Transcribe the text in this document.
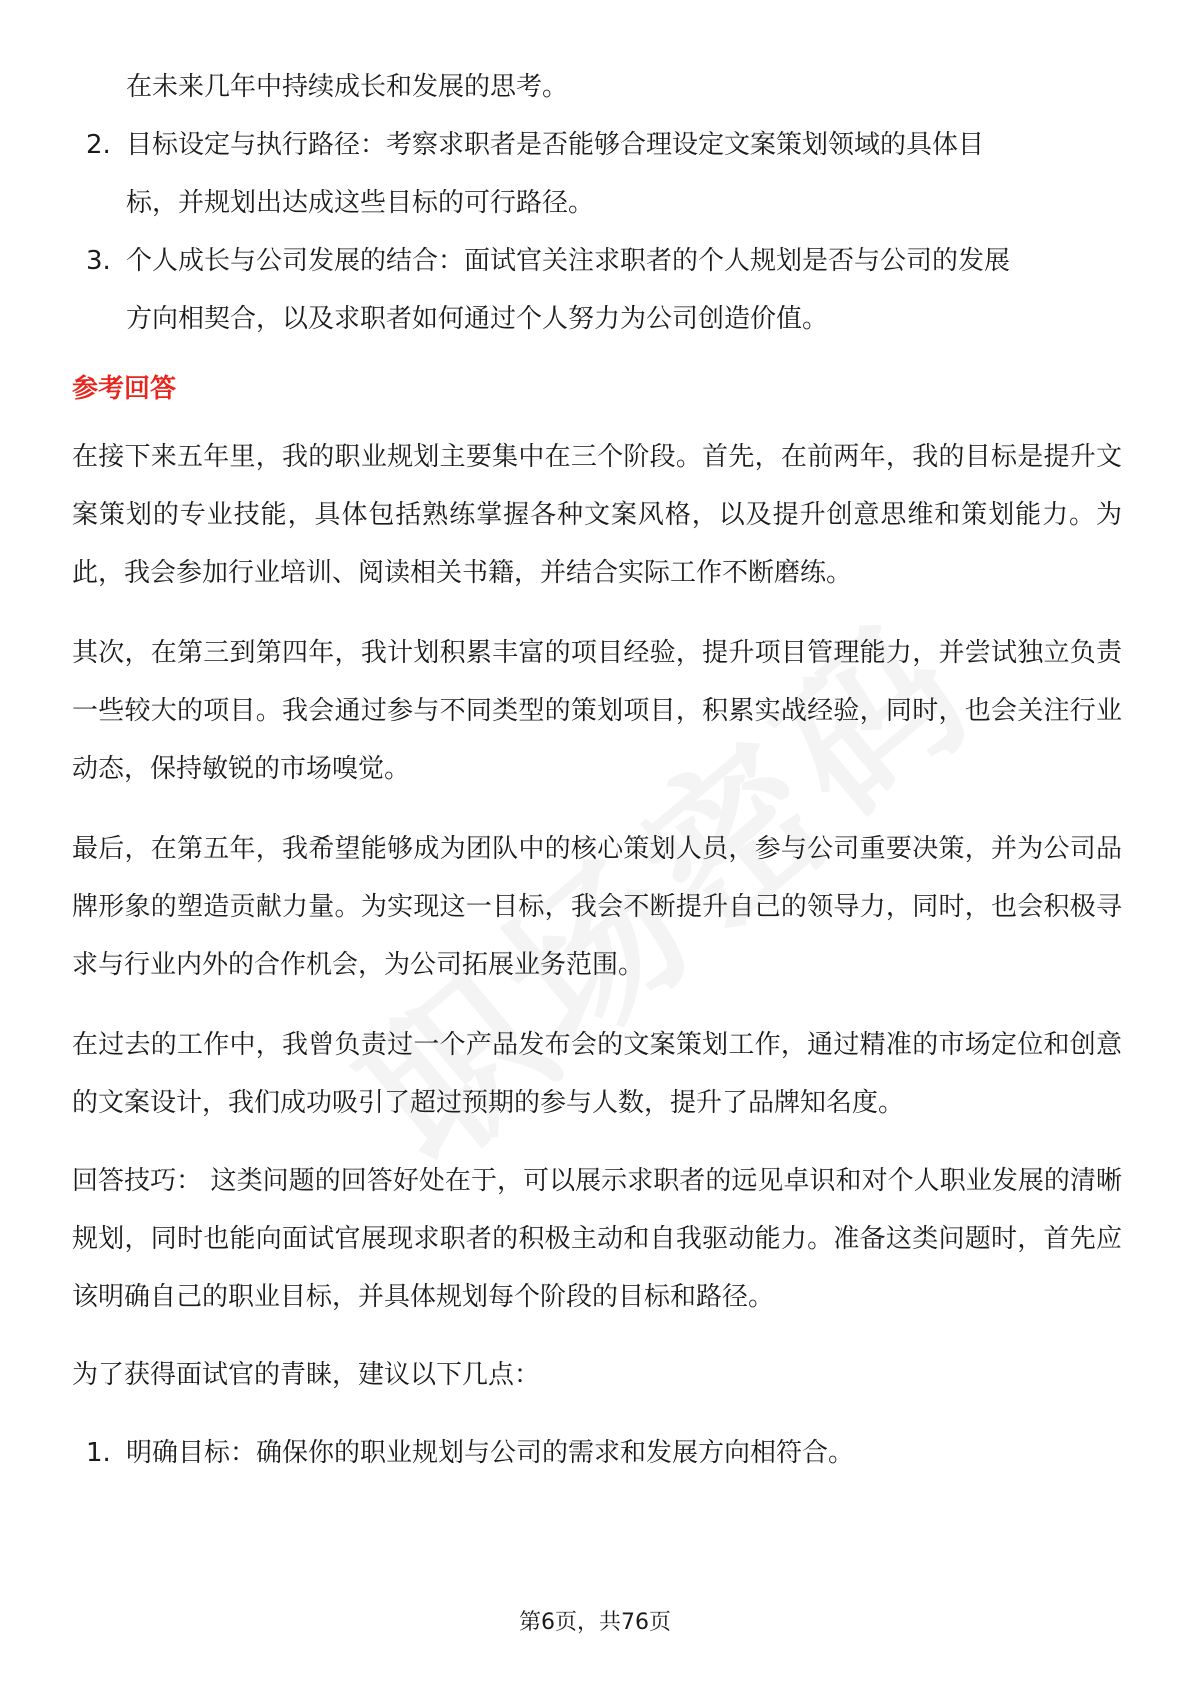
在未来几年中持续成长和发展的思考。

2. 目标设定与执行路径：考察求职者是否能够合理设定文案策划领域的具体目
标，并规划出达成这些目标的可行路径。
3. 个人成长与公司发展的结合：面试官关注求职者的个人规划是否与公司的发展
方向相契合，以及求职者如何通过个人努力为公司创造价值。
参考回答

在接下来五年里，我的职业规划主要集中在三个阶段。首先，在前两年，我的目标是提升文案策划的专业技能，具体包括熟练掌握各种文案风格，以及提升创意思维和策划能力。为此，我会参加行业培训、阅读相关书籍，并结合实际工作不断磨练。

其次，在第三到第四年，我计划积累丰富的项目经验，提升项目管理能力，并尝试独立负责一些较大的项目。我会通过参与不同类型的策划项目，积累实战经验，同时，也会关注行业动态，保持敏锐的市场嗅觉。

最后，在第五年，我希望能够成为团队中的核心策划人员，参与公司重要决策，并为公司品牌形象的塑造贡献力量。为实现这一目标，我会不断提升自己的领导力，同时，也会积极寻求与行业内外的合作机会，为公司拓展业务范围。

在过去的工作中，我曾负责过一个产品发布会的文案策划工作，通过精准的市场定位和创意的文案设计，我们成功吸引了超过预期的参与人数，提升了品牌知名度。

回答技巧： 这类问题的回答好处在于，可以展示求职者的远见卓识和对个人职业发展的清晰规划，同时也能向面试官展现求职者的积极主动和自我驱动能力。准备这类问题时，首先应该明确自己的职业目标，并具体规划每个阶段的目标和路径。

为了获得面试官的青睐，建议以下几点：

1. 明确目标：确保你的职业规划与公司的需求和发展方向相符合。
第6页，共76页
